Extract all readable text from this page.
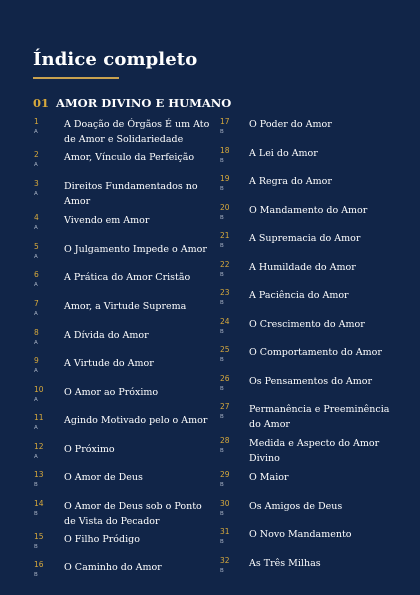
Índice completo
01 AMOR DIVINO E HUMANO
1
A
A Doação de Órgãos É um Ato de Amor e Solidariedade
2
A
Amor, Vínculo da Perfeição
3
A
Direitos Fundamentados no Amor
4
A
Vivendo em Amor
5
A
O Julgamento Impede o Amor
6
A
A Prática do Amor Cristão
7
A
Amor, a Virtude Suprema
8
A
A Dívida do Amor
9
A
A Virtude do Amor
10
A
O Amor ao Próximo
11
A
Agindo Motivado pelo o Amor
12
A
O Próximo
13
B
O Amor de Deus
14
B
O Amor de Deus sob o Ponto de Vista do Pecador
15
B
O Filho Pródigo
16
B
O Caminho do Amor
17
B
O Poder do Amor
18
B
A Lei do Amor
19
B
A Regra do Amor
20
B
O Mandamento do Amor
21
B
A Supremacia do Amor
22
B
A Humildade do Amor
23
B
A Paciência do Amor
24
B
O Crescimento do Amor
25
B
O Comportamento do Amor
26
B
Os Pensamentos do Amor
27
B
Permanência e Preeminência do Amor
28
B
Medida e Aspecto do Amor Divino
29
B
O Maior
30
B
Os Amigos de Deus
31
B
O Novo Mandamento
32
B
As Três Milhas
